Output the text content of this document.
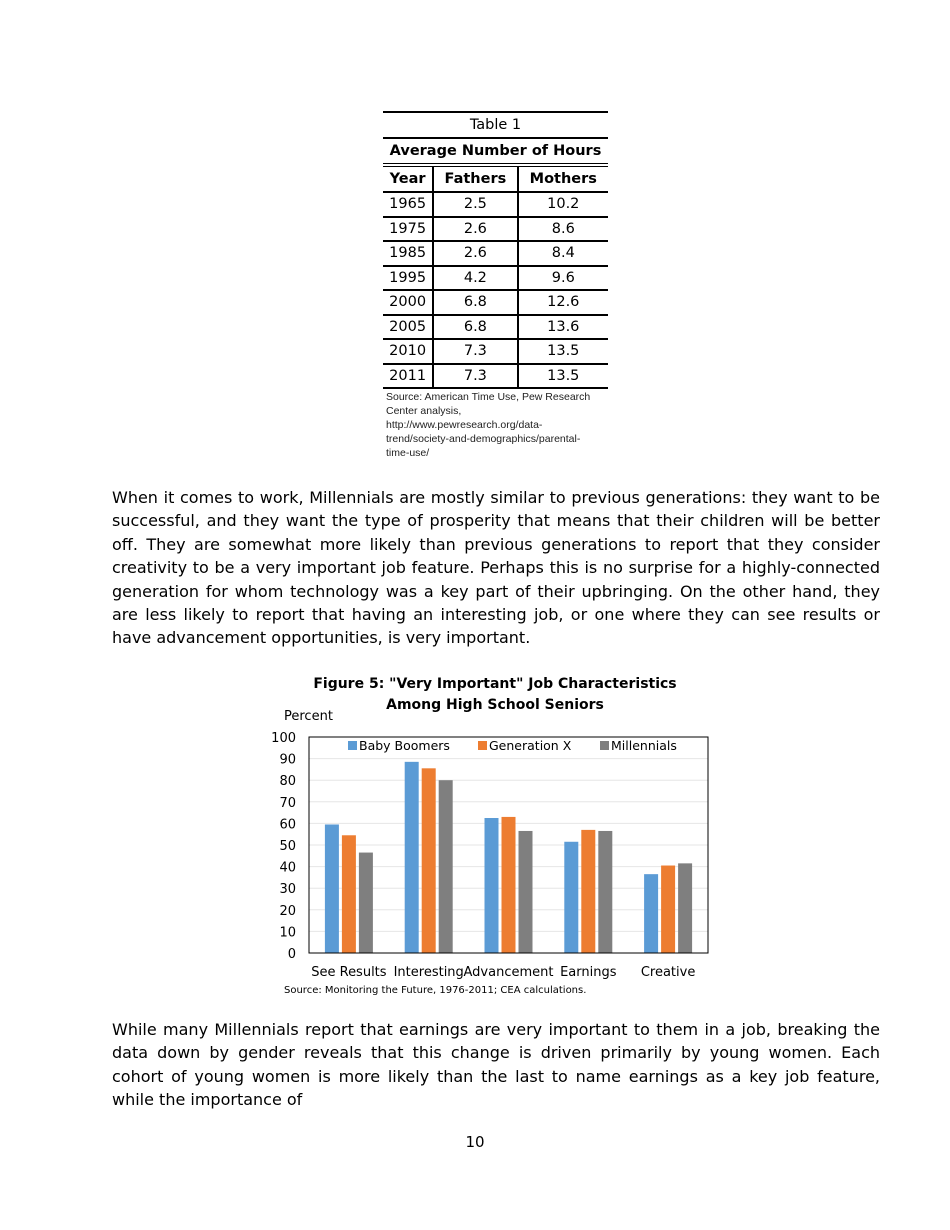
Table 1		
Average Number of Hours		
Year	Fathers	Mothers
1965	2.5	10.2
1975	2.6	8.6
1985	2.6	8.4
1995	4.2	9.6
2000	6.8	12.6
2005	6.8	13.6
2010	7.3	13.5
2011	7.3	13.5
Source: American Time Use, Pew Research
Center analysis,
http://www.pewresearch.org/data-
trend/society-and-demographics/parental-
time-use/

When it comes to work, Millennials are mostly similar to previous generations: they want to be successful, and they want the type of prosperity that means that their children will be better off. They are somewhat more likely than previous generations to report that they consider creativity to be a very important job feature. Perhaps this is no surprise for a highly-connected generation for whom technology was a key part of their upbringing. On the other hand, they are less likely to report that having an interesting job, or one where they can see results or have advancement opportunities, is very important.

Figure 5: "Very Important" Job Characteristics
Among High School Seniors
0
10
20
30
40
50
60
70
80
90
100
Percent
See Results Interesting Advancement Earnings Creative
Baby Boomers	Generation X	Millennials
Source: Monitoring the Future, 1976-2011; CEA calculations.

While many Millennials report that earnings are very important to them in a job, breaking the data down by gender reveals that this change is driven primarily by young women. Each cohort of young women is more likely than the last to name earnings as a key job feature, while the importance of

10
